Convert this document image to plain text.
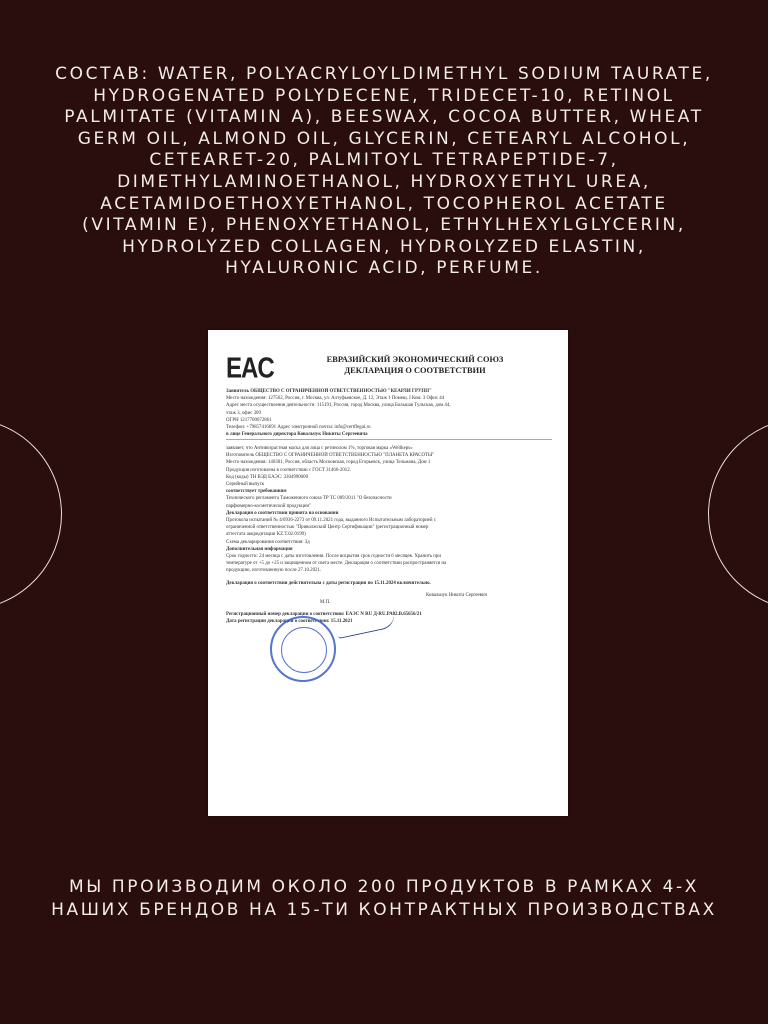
СОСТАВ: WATER, POLYACRYLOYLDIMETHYL SODIUM TAURATE,
HYDROGENATED POLYDECENE, TRIDECET-10, RETINOL
PALMITATE (VITAMIN A), BEESWAX, COCOA BUTTER, WHEAT
GERM OIL, ALMOND OIL, GLYCERIN, CETEARYL ALCOHOL,
CETEARET-20, PALMITOYL TETRAPEPTIDE-7,
DIMETHYLAMINOETHANOL, HYDROXYETHYL UREA,
ACETAMIDOETHOXYETHANOL, TOCOPHEROL ACETATE
(VITAMIN E), PHENOXYETHANOL, ETHYLHEXYLGLYCERIN,
HYDROLYZED COLLAGEN, HYDROLYZED ELASTIN,
HYALURONIC ACID, PERFUME.
EAC	ЕВРАЗИЙСКИЙ ЭКОНОМИЧЕСКИЙ СОЮЗ
ДЕКЛАРАЦИЯ О СООТВЕТСТВИИ
Заявитель ОБЩЕСТВО С ОГРАНИЧЕННОЙ ОТВЕТСТВЕННОСТЬЮ "КЕАРЛИ ГРУПП"
Место нахождения: 127562, Россия, г. Москва, ул. Алтуфьевское, Д. 12, Этаж 1 Помещ. I Ком. 3 Офис 44
Адрес места осуществления деятельности: 115191, Россия, город Москва, улица Большая Тульская, дом 44,
этаж 3, офис 309
ОГРН 1217700072861
Телефон: +79857416691 Адрес электронной почты: info@certflegal.ru
в лице Генерального директора Ковальчук Никиты Сергеевича
заявляет, что Антивозрастная маска для лица с ретинолом 1%, торговая марка «Wellkeps»
Изготовитель ОБЩЕСТВО С ОГРАНИЧЕННОЙ ОТВЕТСТВЕННОСТЬЮ "ПЛАНЕТА КРАСОТЫ"
Место нахождения: 140301, Россия, область Московская, город Егорьевск, улица Тельмана, Дом 1
Продукция изготовлена в соответствии с ГОСТ 31460-2012.
Код (коды) ТН ВЭД ЕАЭС: 3304990000
Серийный выпуск
соответствует требованиям
Технического регламента Таможенного союза ТР ТС 009/2011 "О безопасности
парфюмерно-косметической продукции"
Декларация о соответствии принята на основании
Протокола испытаний № 4/0936-2273 от 09.11.2021 года, выданного Испытательным лабораторией с
ограниченной ответственностью "Приволжский Центр Сертификации" (регистрационный номер
аттестата аккредитации KZ.T.02.0199)
Схема декларирования соответствия: 3д
Дополнительная информация
Срок годности: 24 месяца с даты изготовления. После вскрытия срок годности 6 месяцев. Хранить при
температуре от +5 до +25 и защищенном от света месте. Декларация о соответствии распространяется на
продукцию, изготовленную после 27.10.2021.
Декларация о соответствии действительна с даты регистрации по 15.11.2024 включительно.
Ковальчук Никита Сергеевич
М.П.
Регистрационный номер декларации о соответствии: ЕАЭС N RU Д-RU.РА02.В.65656/21
Дата регистрации декларации о соответствии: 15.11.2021
МЫ ПРОИЗВОДИМ ОКОЛО 200 ПРОДУКТОВ В РАМКАХ 4-Х
НАШИХ БРЕНДОВ НА 15-ТИ КОНТРАКТНЫХ ПРОИЗВОДСТВАХ
